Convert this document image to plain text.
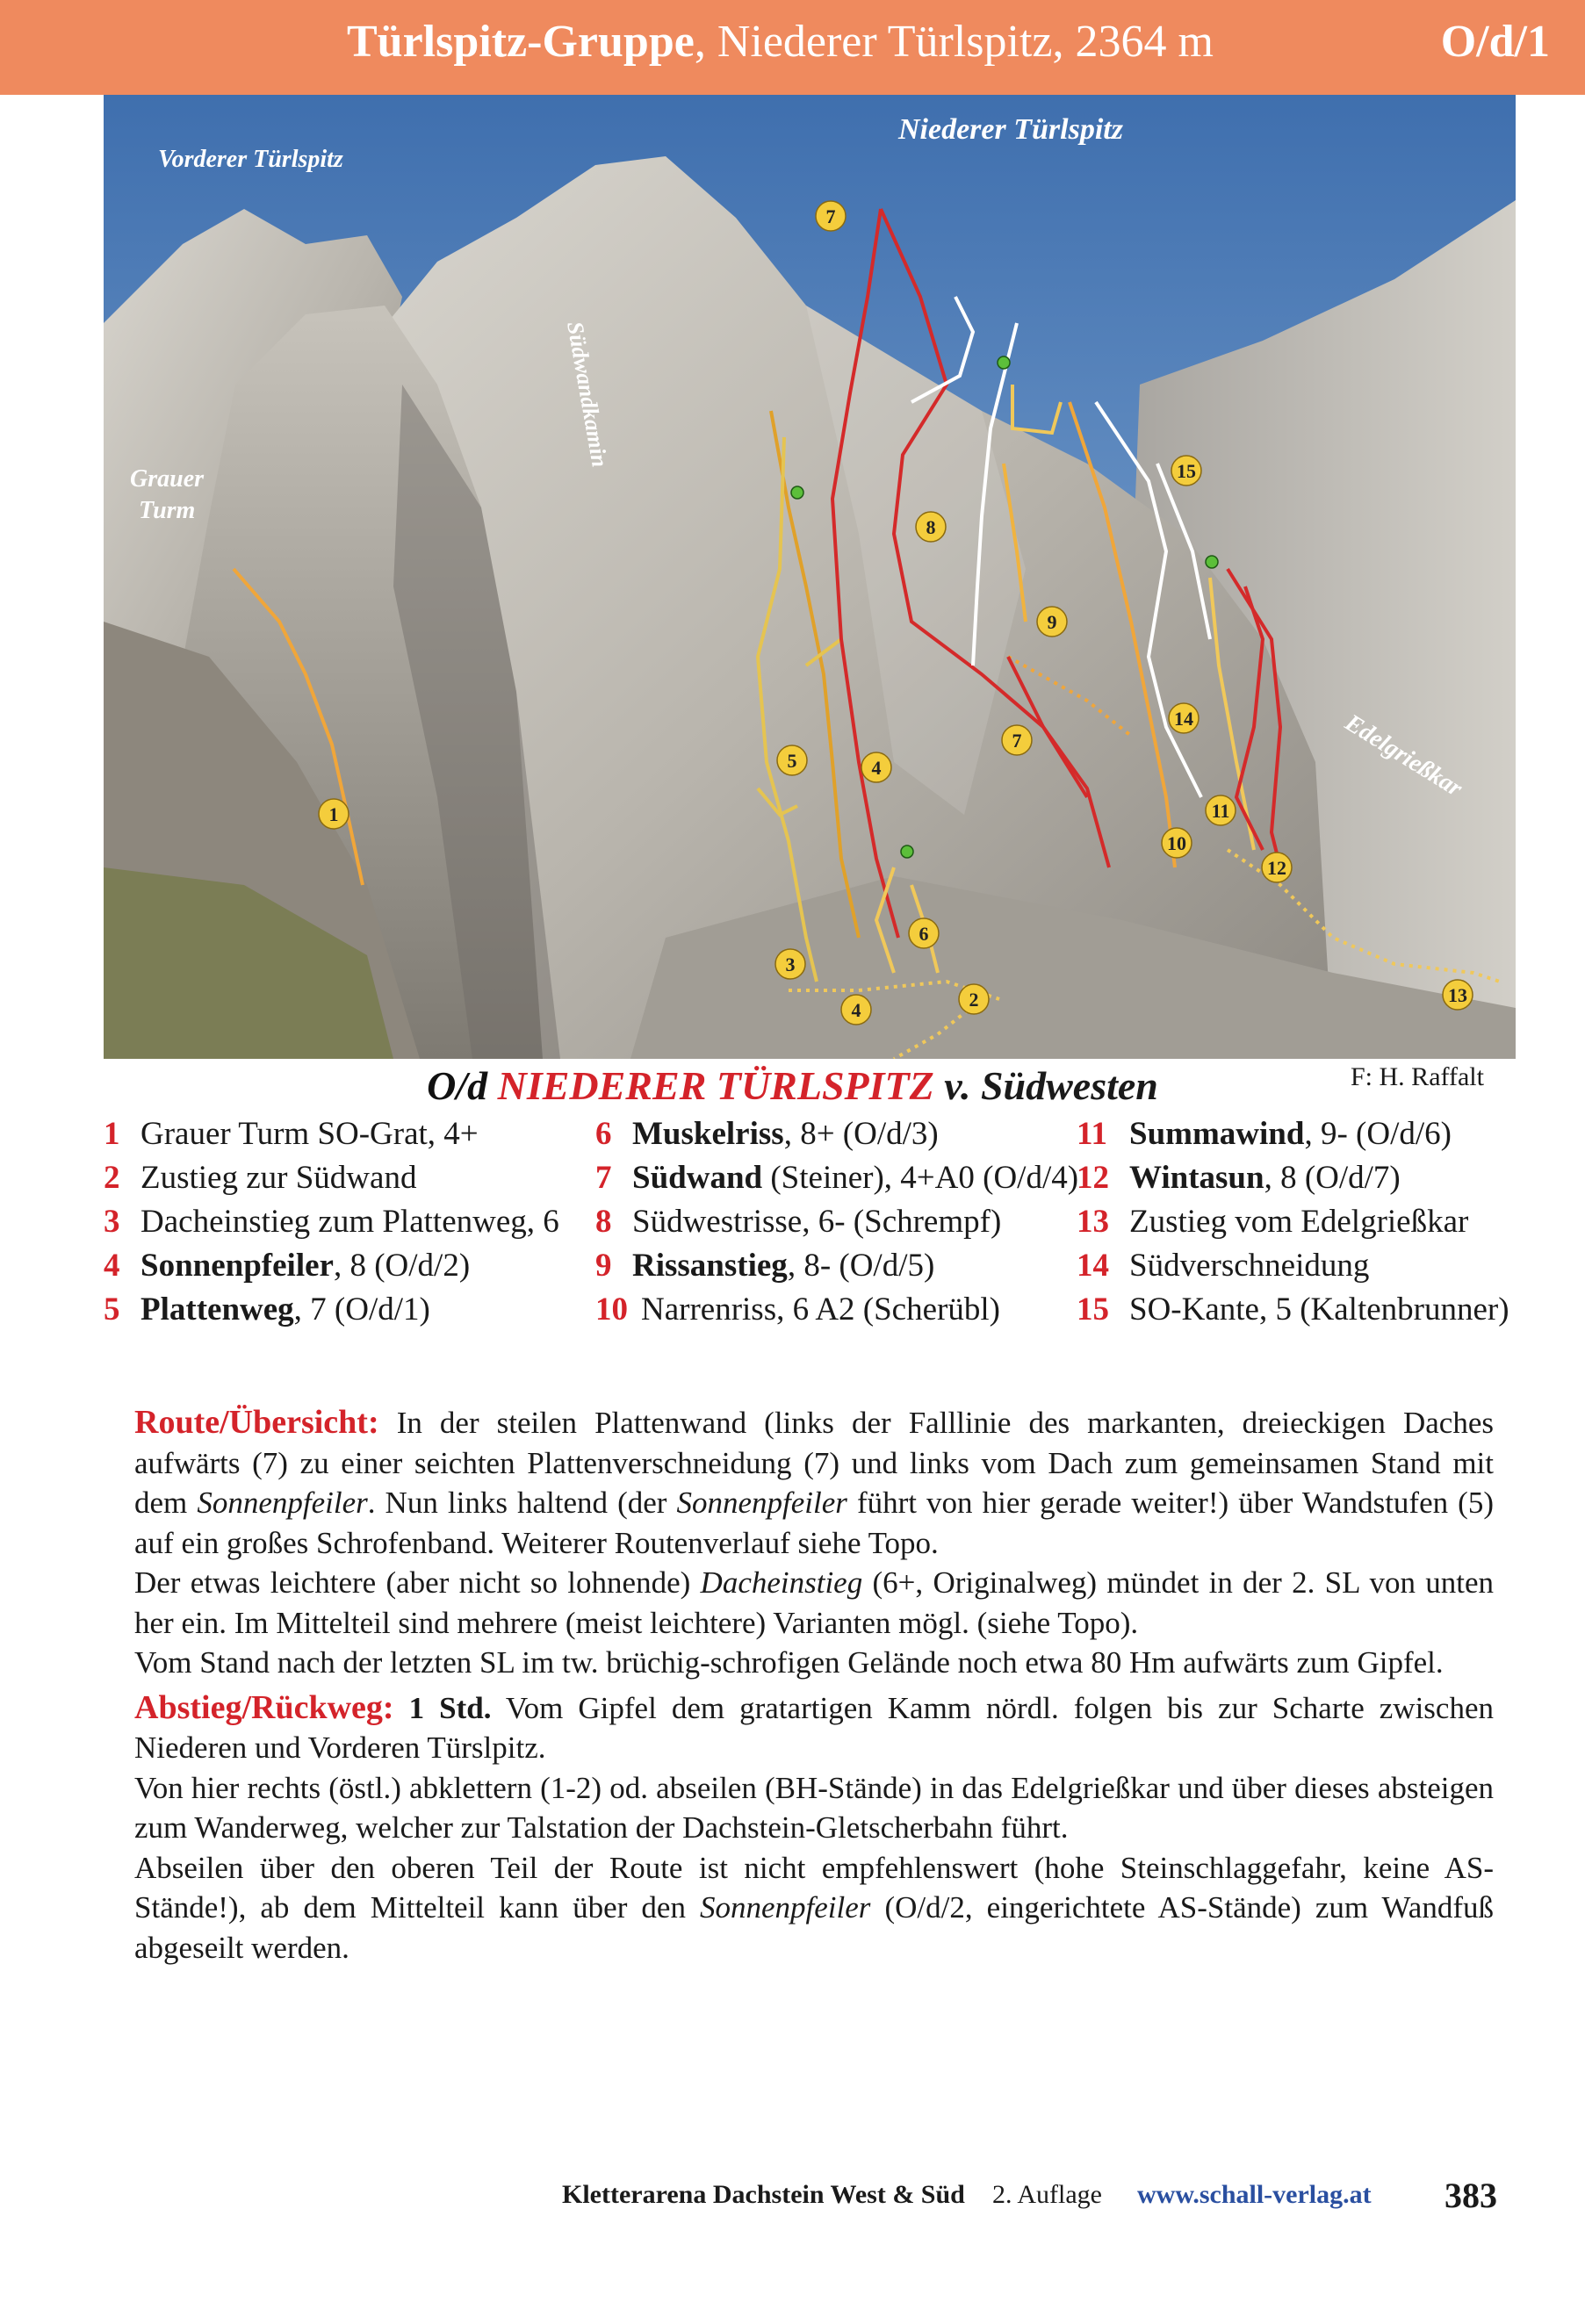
Türlspitz-Gruppe, Niederer Türlspitz, 2364 m	O/d/1
Niederer Türlspitz
Vorderer Türlspitz
Grauer
Turm
Südwandkamin
Edelgrießkar
7
8
9
15
14
7
5	4
1	11
10
12
6
3
4	2	13
O/d NIEDERER TÜRLSPITZ v. Südwesten	F: H. Raffalt
1 Grauer Turm SO-Grat, 4+
2 Zustieg zur Südwand
3 Dacheinstieg zum Plattenweg, 6
4 Sonnenpfeiler, 8 (O/d/2)
5 Plattenweg, 7 (O/d/1)
6 Muskelriss, 8+ (O/d/3)
7 Südwand (Steiner), 4+A0 (O/d/4)
8 Südwestrisse, 6- (Schrempf)
9 Rissanstieg, 8- (O/d/5)
10 Narrenriss, 6 A2 (Scherübl)
11 Summawind, 9- (O/d/6)
12 Wintasun, 8 (O/d/7)
13 Zustieg vom Edelgrießkar
14 Südverschneidung
15 SO-Kante, 5 (Kaltenbrunner)

Route/Übersicht: In der steilen Plattenwand (links der Falllinie des markanten, dreieckigen Daches aufwärts (7) zu einer seichten Plattenverschneidung (7) und links vom Dach zum gemeinsamen Stand mit dem Sonnenpfeiler. Nun links haltend (der Sonnenpfeiler führt von hier gerade weiter!) über Wandstufen (5) auf ein großes Schrofenband. Weiterer Routenverlauf siehe Topo.

Der etwas leichtere (aber nicht so lohnende) Dacheinstieg (6+, Originalweg) mündet in der 2. SL von unten her ein. Im Mittelteil sind mehrere (meist leichtere) Varianten mögl. (siehe Topo).

Vom Stand nach der letzten SL im tw. brüchig-schrofigen Gelände noch etwa 80 Hm aufwärts zum Gipfel.

Abstieg/Rückweg: 1 Std. Vom Gipfel dem gratartigen Kamm nördl. folgen bis zur Scharte zwischen Niederen und Vorderen Türslpitz.

Von hier rechts (östl.) abklettern (1-2) od. abseilen (BH-Stände) in das Edelgrießkar und über dieses absteigen zum Wanderweg, welcher zur Talstation der Dachstein-Gletscherbahn führt.

Abseilen über den oberen Teil der Route ist nicht empfehlenswert (hohe Steinschlaggefahr, keine AS-Stände!), ab dem Mittelteil kann über den Sonnenpfeiler (O/d/2, eingerichtete AS-Stände) zum Wandfuß abgeseilt werden.

Kletterarena Dachstein West & Süd 2. Auflage www.schall-verlag.at 383
